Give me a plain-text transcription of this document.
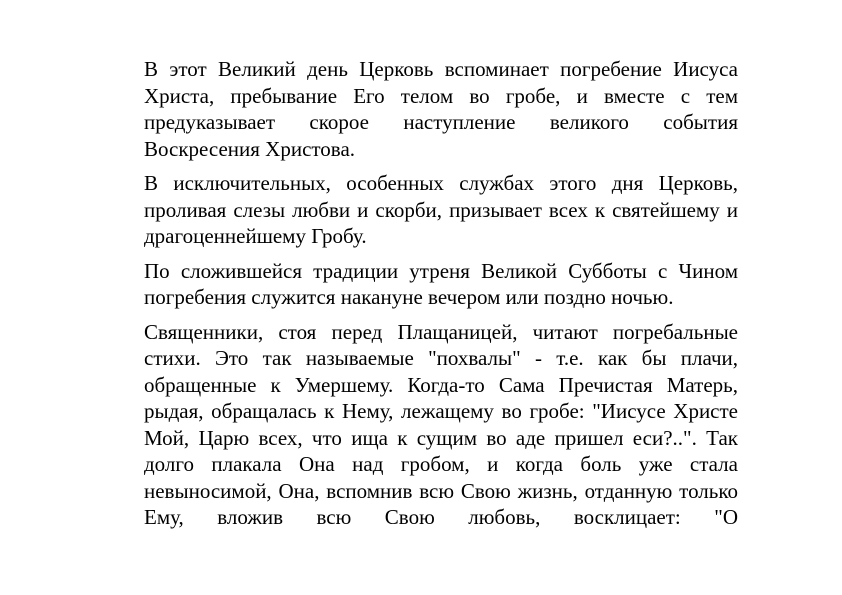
В этот Великий день Церковь вспоминает погребение Иисуса Христа, пребывание Его телом во гробе, и вместе с тем предуказывает скорое наступление великого события Воскресения Христова.

В исключительных, особенных службах этого дня Церковь, проливая слезы любви и скорби, призывает всех к святейшему и драгоценнейшему Гробу.

По сложившейся традиции утреня Великой Субботы с Чином погребения служится накануне вечером или поздно ночью.

Священники, стоя перед Плащаницей, читают погребальные стихи. Это так называемые "похвалы" - т.е. как бы плачи, обращенные к Умершему. Когда-то Сама Пречистая Матерь, рыдая, обращалась к Нему, лежащему во гробе: "Иисусе Христе Мой, Царю всех, что ища к сущим во аде пришел еси?..". Так долго плакала Она над гробом, и когда боль уже стала невыносимой, Она, вспомнив всю Свою жизнь, отданную только Ему, вложив всю Свою любовь, восклицает: "О
